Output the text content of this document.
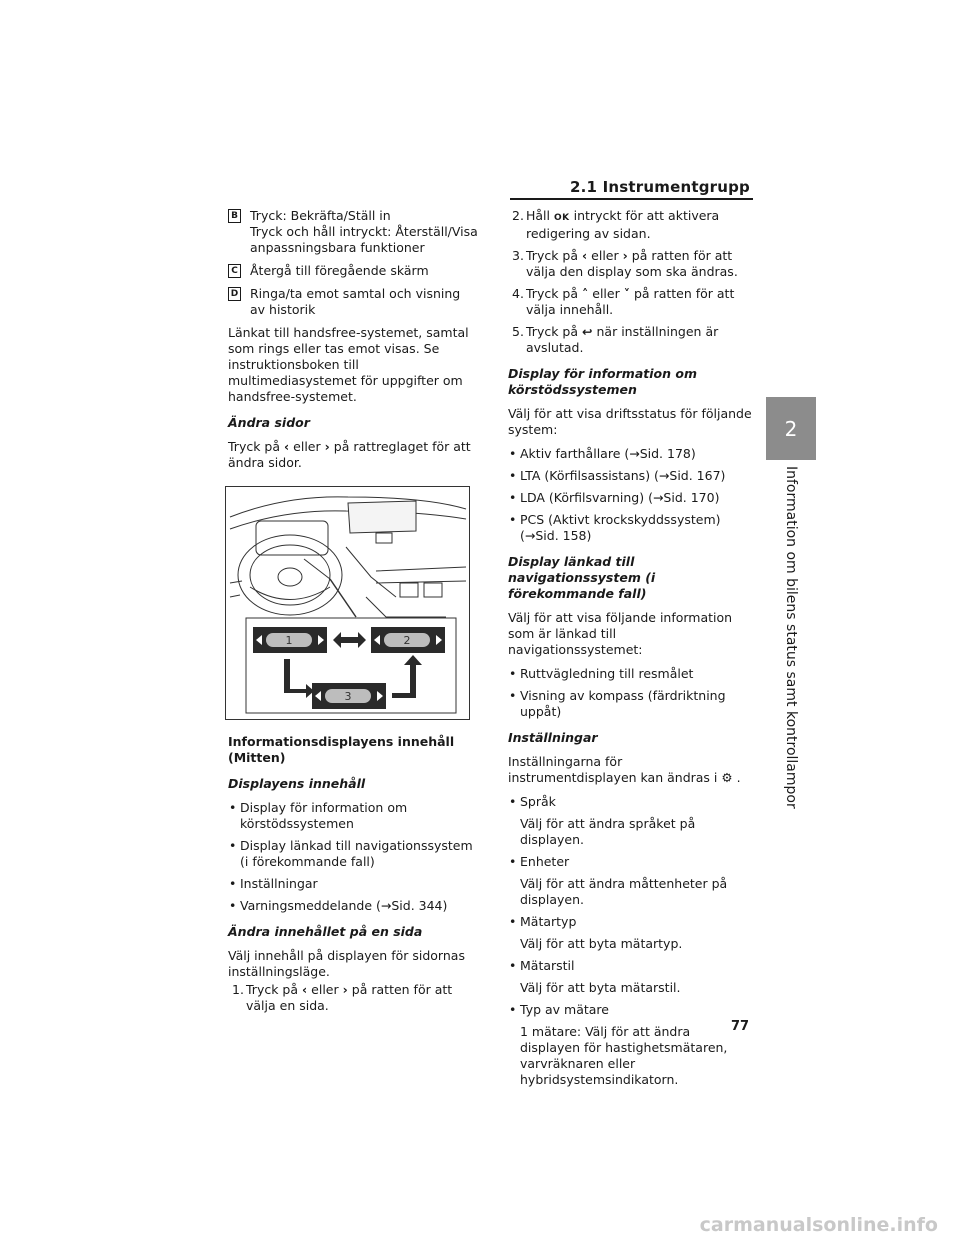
2.1 Instrumentgrupp
2
Information om bilens status samt kontrollampor
B Tryck: Bekräfta/Ställ in
Tryck och håll intryckt: Återställ/Visa anpassningsbara funktioner
C Återgå till föregående skärm
D Ringa/ta emot samtal och visning av historik

Länkat till handsfree-systemet, samtal som rings eller tas emot visas. Se instruktionsboken till multimediasystemet för uppgifter om handsfree-systemet.

Ändra sidor

Tryck på ‹ eller › på rattreglaget för att ändra sidor.

1	2
3
Informationsdisplayens innehåll (Mitten)
Displayens innehåll
• Display för information om körstödssystemen
• Display länkad till navigationssystem (i förekommande fall)
• Inställningar
• Varningsmeddelande (→Sid. 344)
Ändra innehållet på en sida

Välj innehåll på displayen för sidornas inställningsläge.

1. Tryck på ‹ eller › på ratten för att välja en sida.
2. Håll OK intryckt för att aktivera redigering av sidan.
3. Tryck på ‹ eller › på ratten för att välja den display som ska ändras.
4. Tryck på ˄ eller ˅ på ratten för att välja innehåll.
5. Tryck på ↩ när inställningen är avslutad.
Display för information om körstödssystemen

Välj för att visa driftsstatus för följande system:

• Aktiv farthållare (→Sid. 178)
• LTA (Körfilsassistans) (→Sid. 167)
• LDA (Körfilsvarning) (→Sid. 170)
• PCS (Aktivt krockskyddssystem) (→Sid. 158)
Display länkad till navigationssystem (i förekommande fall)

Välj för att visa följande information som är länkad till navigationssystemet:

• Ruttvägledning till resmålet
• Visning av kompass (färdriktning uppåt)
Inställningar

Inställningarna för instrumentdisplayen kan ändras i ⚙ .

• Språk
Välj för att ändra språket på displayen.
• Enheter
Välj för att ändra måttenheter på displayen.
• Mätartyp
Välj för att byta mätartyp.
• Mätarstil
Välj för att byta mätarstil.
• Typ av mätare
1 mätare: Välj för att ändra displayen för hastighetsmätaren, varvräknaren eller hybridsystemsindikatorn.
77
carmanualsonline.info
